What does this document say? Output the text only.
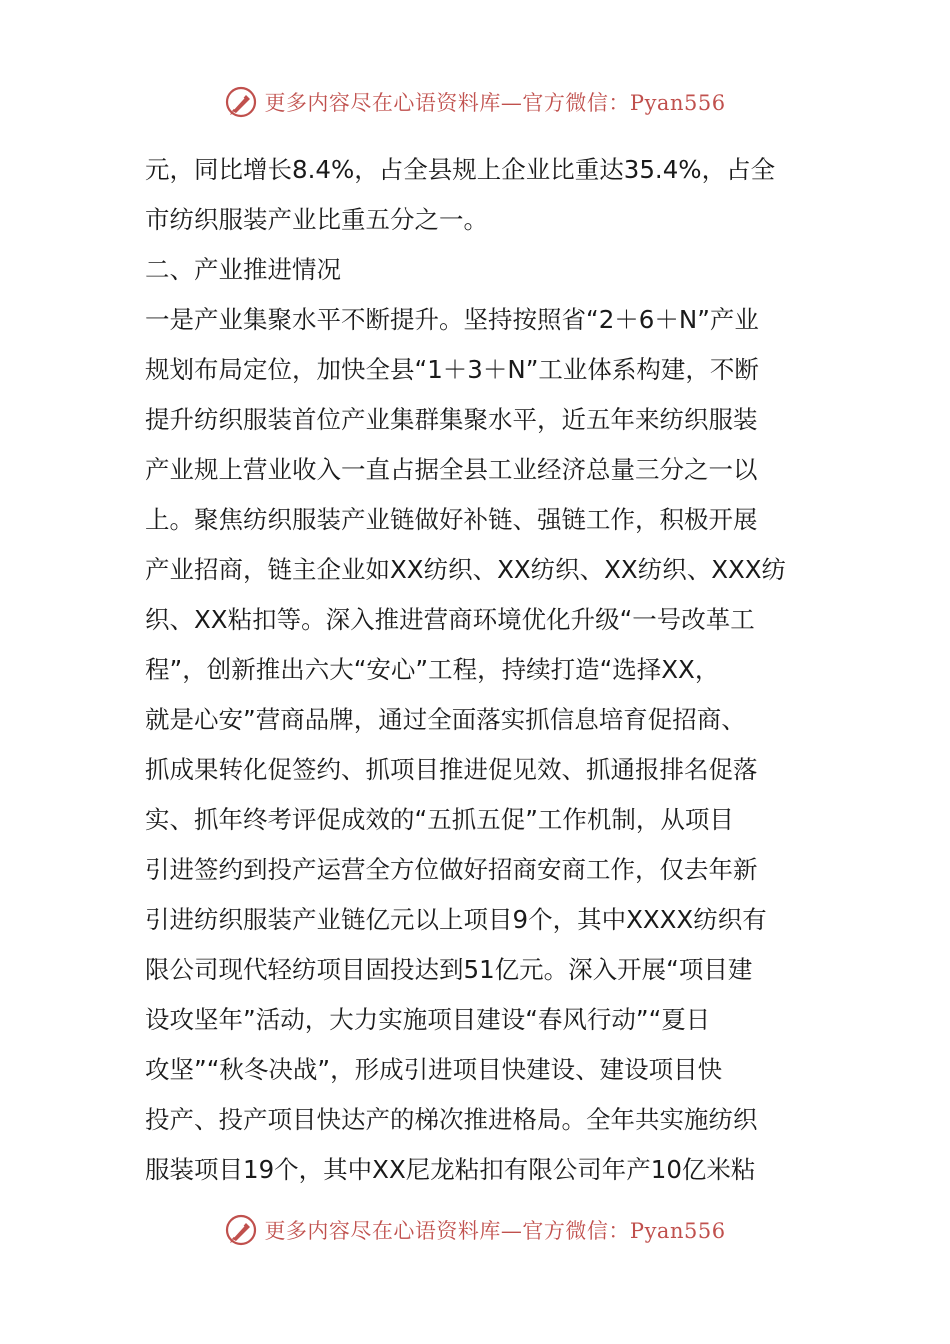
更多内容尽在心语资料库—官方微信：Pyan556
元，同比增长8.4%，占全县规上企业比重达35.4%，占全
市纺织服装产业比重五分之一。
二、产业推进情况
一是产业集聚水平不断提升。坚持按照省“2＋6＋N”产业
规划布局定位，加快全县“1＋3＋N”工业体系构建，不断
提升纺织服装首位产业集群集聚水平，近五年来纺织服装
产业规上营业收入一直占据全县工业经济总量三分之一以
上。聚焦纺织服装产业链做好补链、强链工作，积极开展
产业招商，链主企业如XX纺织、XX纺织、XX纺织、XXX纺
织、XX粘扣等。深入推进营商环境优化升级“一号改革工
程”，创新推出六大“安心”工程，持续打造“选择XX，
就是心安”营商品牌，通过全面落实抓信息培育促招商、
抓成果转化促签约、抓项目推进促见效、抓通报排名促落
实、抓年终考评促成效的“五抓五促”工作机制，从项目
引进签约到投产运营全方位做好招商安商工作，仅去年新
引进纺织服装产业链亿元以上项目9个，其中XXXX纺织有
限公司现代轻纺项目固投达到51亿元。深入开展“项目建
设攻坚年”活动，大力实施项目建设“春风行动”“夏日
攻坚”“秋冬决战”，形成引进项目快建设、建设项目快
投产、投产项目快达产的梯次推进格局。全年共实施纺织
服装项目19个，其中XX尼龙粘扣有限公司年产10亿米粘
更多内容尽在心语资料库—官方微信：Pyan556
